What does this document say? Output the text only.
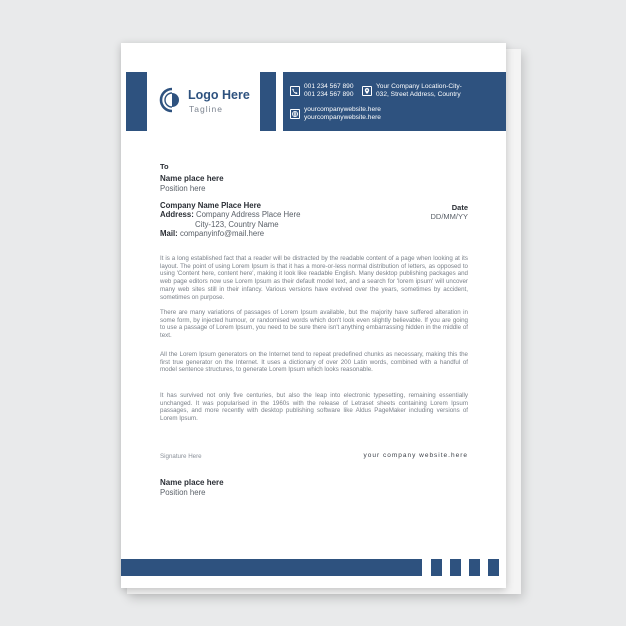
Logo Here
Tagline
001 234 567 890
001 234 567 890
Your Company Location-City-
032, Street Address, Country
yourcompanywebsite.here
yourcompanywebsite.here
To
Name place here
Position here
Company Name Place Here
Address: Company Address Place Here
City-123, Country Name
Mail: companyinfo@mail.here
Date
DD/MM/YY

It is a long established fact that a reader will be distracted by the readable content of a page when looking at its layout. The point of using Lorem Ipsum is that it has a more-or-less normal distribution of letters, as opposed to using 'Content here, content here', making it look like readable English. Many desktop publishing packages and web page editors now use Lorem Ipsum as their default model text, and a search for 'lorem ipsum' will uncover many web sites still in their infancy. Various versions have evolved over the years, sometimes by accident, sometimes on purpose.

There are many variations of passages of Lorem Ipsum available, but the majority have suffered alteration in some form, by injected humour, or randomised words which don't look even slightly believable. If you are going to use a passage of Lorem Ipsum, you need to be sure there isn't anything embarrassing hidden in the middle of text.

All the Lorem Ipsum generators on the Internet tend to repeat predefined chunks as necessary, making this the first true generator on the Internet. It uses a dictionary of over 200 Latin words, combined with a handful of model sentence structures, to generate Lorem Ipsum which looks reasonable.

It has survived not only five centuries, but also the leap into electronic typesetting, remaining essentially unchanged. It was popularised in the 1960s with the release of Letraset sheets containing Lorem Ipsum passages, and more recently with desktop publishing software like Aldus PageMaker including versions of Lorem Ipsum.

Signature Here	your company website.here
Name place here
Position here
